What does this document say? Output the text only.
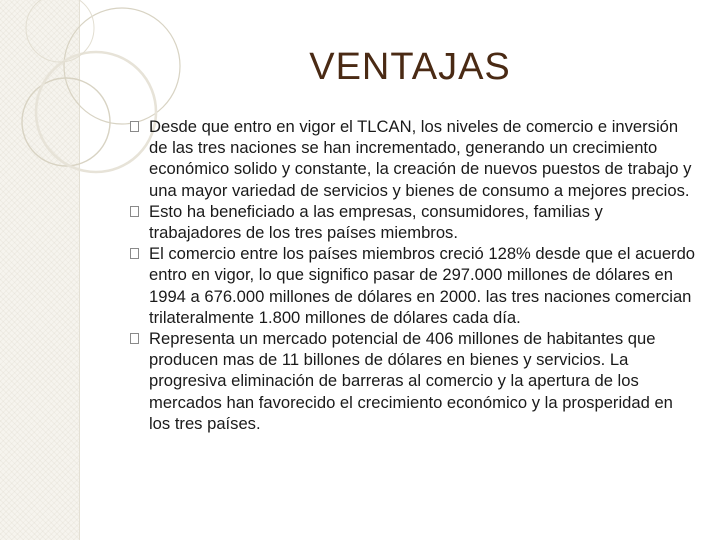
VENTAJAS
Desde que entro en vigor el TLCAN, los niveles de comercio e inversión de las tres naciones se han incrementado, generando un crecimiento económico solido y constante, la creación de nuevos puestos de trabajo y una mayor variedad de servicios y bienes de consumo a mejores precios.
Esto ha beneficiado a las empresas, consumidores, familias y trabajadores de los tres países miembros.
El comercio entre los países miembros creció 128% desde que el acuerdo entro en vigor, lo que significo pasar de 297.000 millones de dólares en 1994 a 676.000 millones de dólares en 2000. las tres naciones comercian trilateralmente 1.800 millones de dólares cada día.
Representa un mercado potencial de 406 millones de habitantes que producen mas de 11 billones de dólares en bienes y servicios. La progresiva eliminación de barreras al comercio y la apertura de los mercados han favorecido el crecimiento económico y la prosperidad en los tres países.
